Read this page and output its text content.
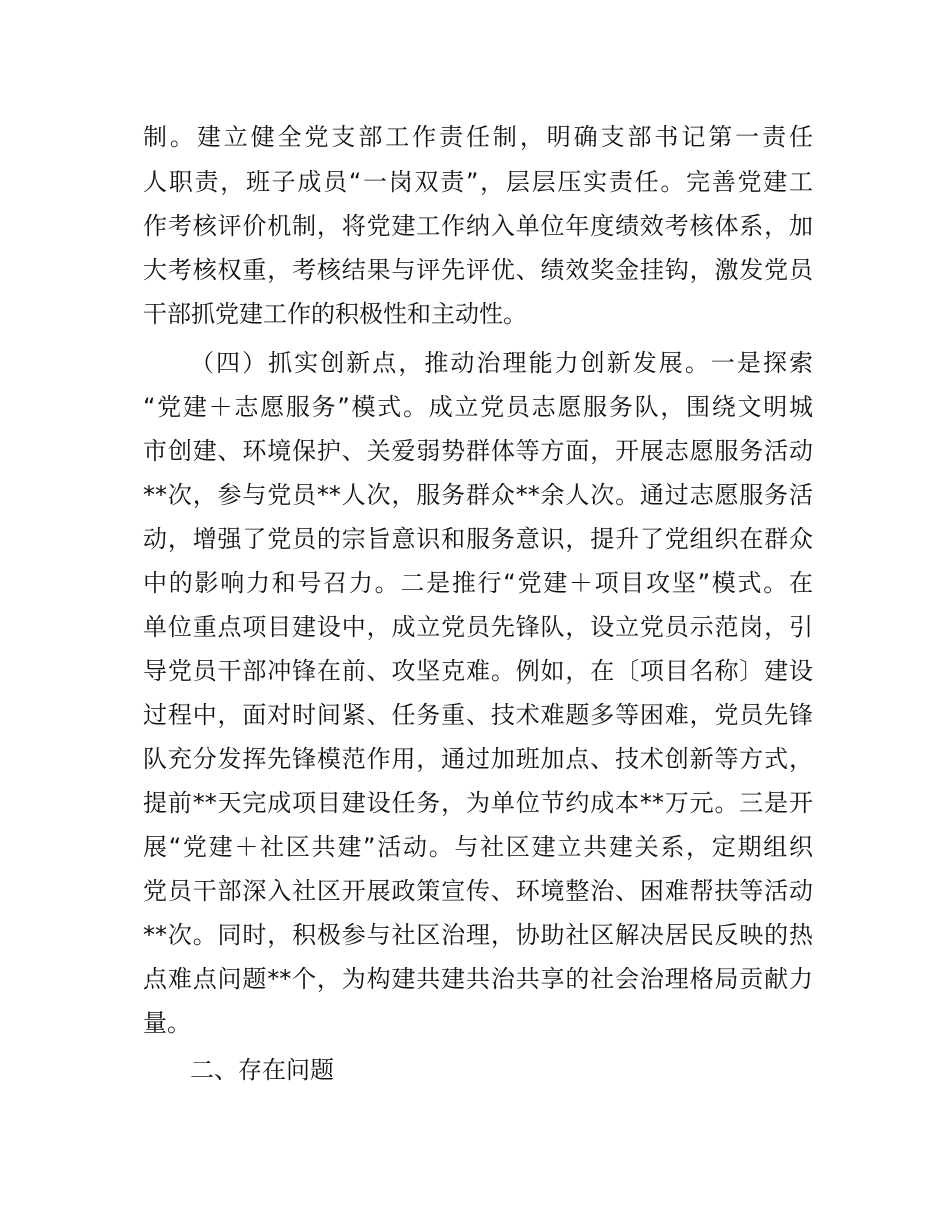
制。建立健全党支部工作责任制，明确支部书记第一责任
人职责，班子成员“一岗双责”，层层压实责任。完善党建工
作考核评价机制，将党建工作纳入单位年度绩效考核体系，加
大考核权重，考核结果与评先评优、绩效奖金挂钩，激发党员
干部抓党建工作的积极性和主动性。
（四）抓实创新点，推动治理能力创新发展。一是探索
“党建＋志愿服务”模式。成立党员志愿服务队，围绕文明城
市创建、环境保护、关爱弱势群体等方面，开展志愿服务活动
**次，参与党员**人次，服务群众**余人次。通过志愿服务活
动，增强了党员的宗旨意识和服务意识，提升了党组织在群众
中的影响力和号召力。二是推行“党建＋项目攻坚”模式。在
单位重点项目建设中，成立党员先锋队，设立党员示范岗，引
导党员干部冲锋在前、攻坚克难。例如，在〔项目名称〕建设
过程中，面对时间紧、任务重、技术难题多等困难，党员先锋
队充分发挥先锋模范作用，通过加班加点、技术创新等方式，
提前**天完成项目建设任务，为单位节约成本**万元。三是开
展“党建＋社区共建”活动。与社区建立共建关系，定期组织
党员干部深入社区开展政策宣传、环境整治、困难帮扶等活动
**次。同时，积极参与社区治理，协助社区解决居民反映的热
点难点问题**个，为构建共建共治共享的社会治理格局贡献力
量。
二、存在问题
